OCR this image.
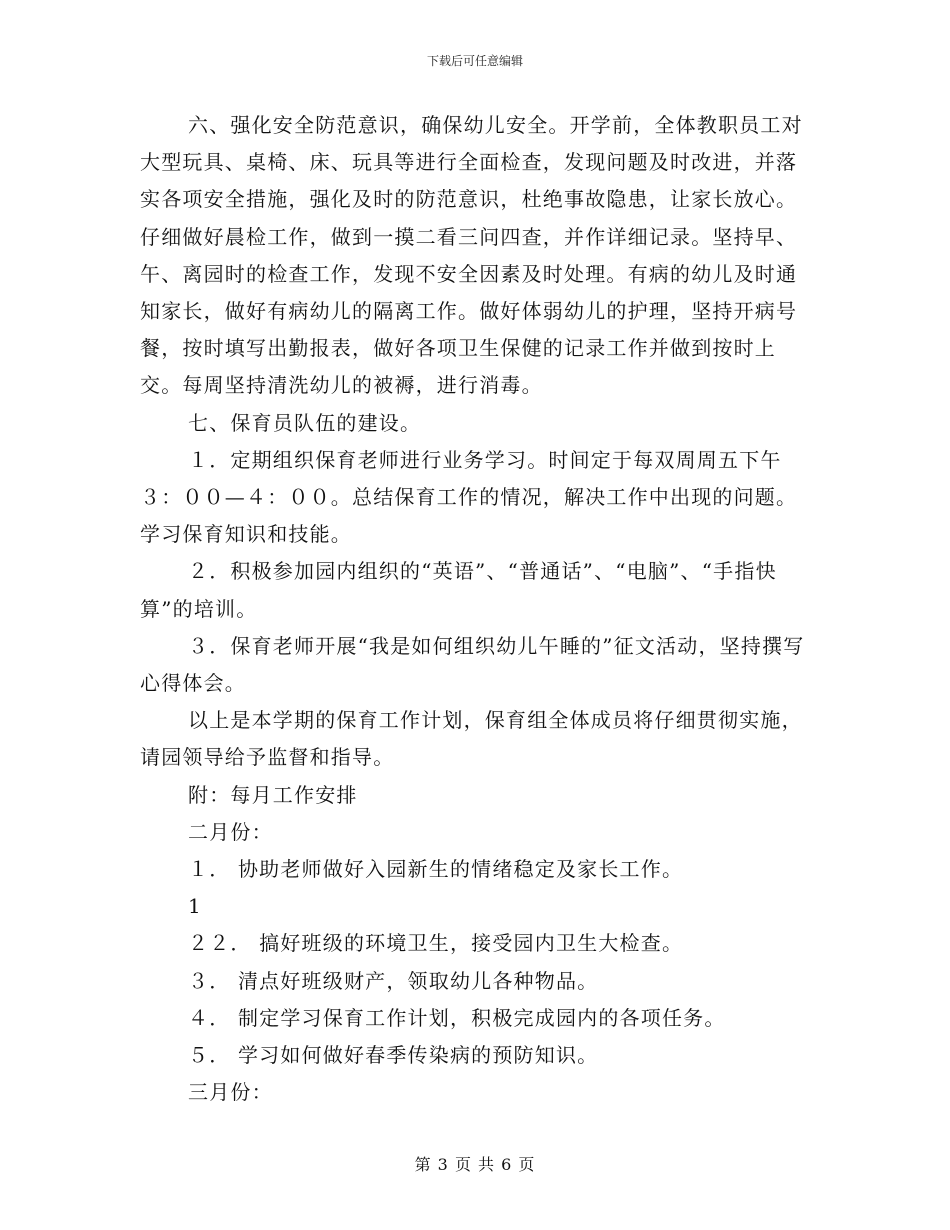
下载后可任意编辑

六、强化安全防范意识，确保幼儿安全。开学前，全体教职员工对大型玩具、桌椅、床、玩具等进行全面检查，发现问题及时改进，并落实各项安全措施，强化及时的防范意识，杜绝事故隐患，让家长放心。仔细做好晨检工作，做到一摸二看三问四查，并作详细记录。坚持早、午、离园时的检查工作，发现不安全因素及时处理。有病的幼儿及时通知家长，做好有病幼儿的隔离工作。做好体弱幼儿的护理，坚持开病号餐，按时填写出勤报表，做好各项卫生保健的记录工作并做到按时上交。每周坚持清洗幼儿的被褥，进行消毒。

七、保育员队伍的建设。

１．定期组织保育老师进行业务学习。时间定于每双周周五下午３：００—４：００。总结保育工作的情况，解决工作中出现的问题。学习保育知识和技能。

２．积极参加园内组织的“英语”、“普通话”、“电脑”、“手指快算”的培训。

３．保育老师开展“我是如何组织幼儿午睡的”征文活动，坚持撰写心得体会。

以上是本学期的保育工作计划，保育组全体成员将仔细贯彻实施，请园领导给予监督和指导。

附：每月工作安排

二月份：

１． 协助老师做好入园新生的情绪稳定及家长工作。

1

２２． 搞好班级的环境卫生，接受园内卫生大检查。

３． 清点好班级财产，领取幼儿各种物品。

４． 制定学习保育工作计划，积极完成园内的各项任务。

５． 学习如何做好春季传染病的预防知识。

三月份：

第 3 页 共 6 页
